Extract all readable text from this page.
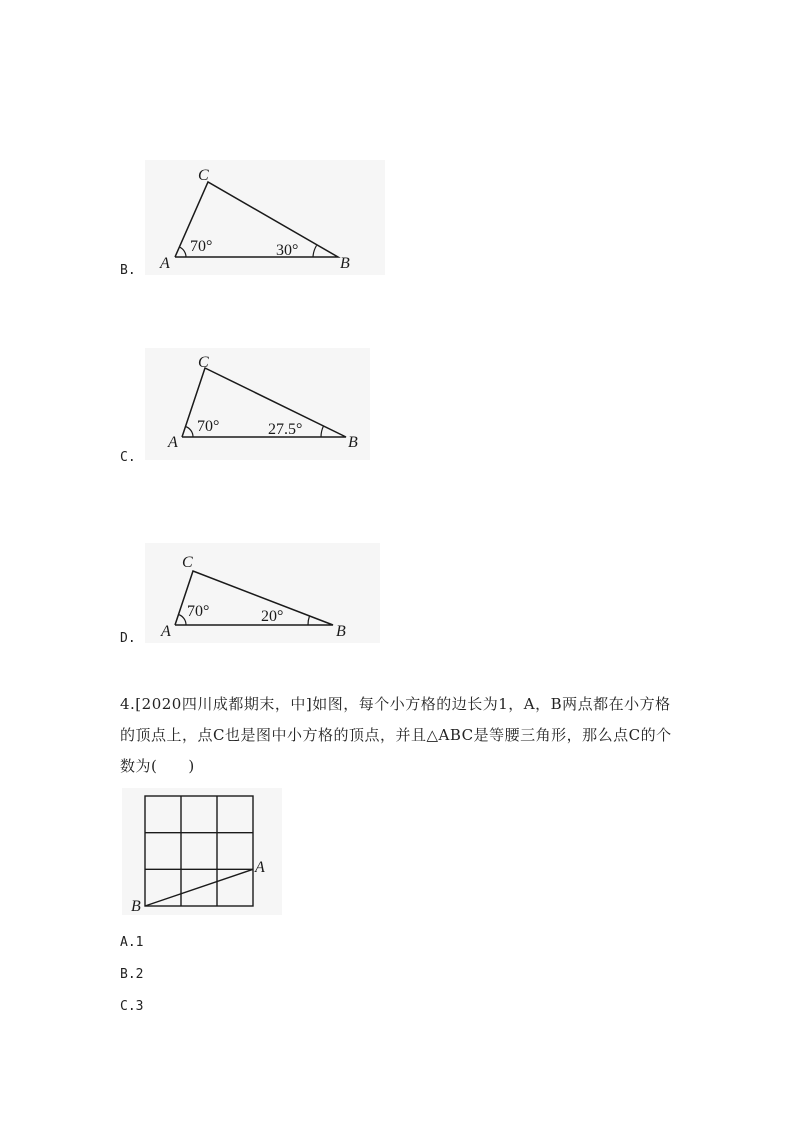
B.
C
A	B
70°	30°
C.
C
A	B
70°	27.5°
D.
C
A	B
70°	20°
4.[2020四川成都期末，中]如图，每个小方格的边长为1，A，B两点都在小方格
的顶点上，点C也是图中小方格的顶点，并且△ABC是等腰三角形，那么点C的个
数为(　　)
A
B
A.1
B.2
C.3
